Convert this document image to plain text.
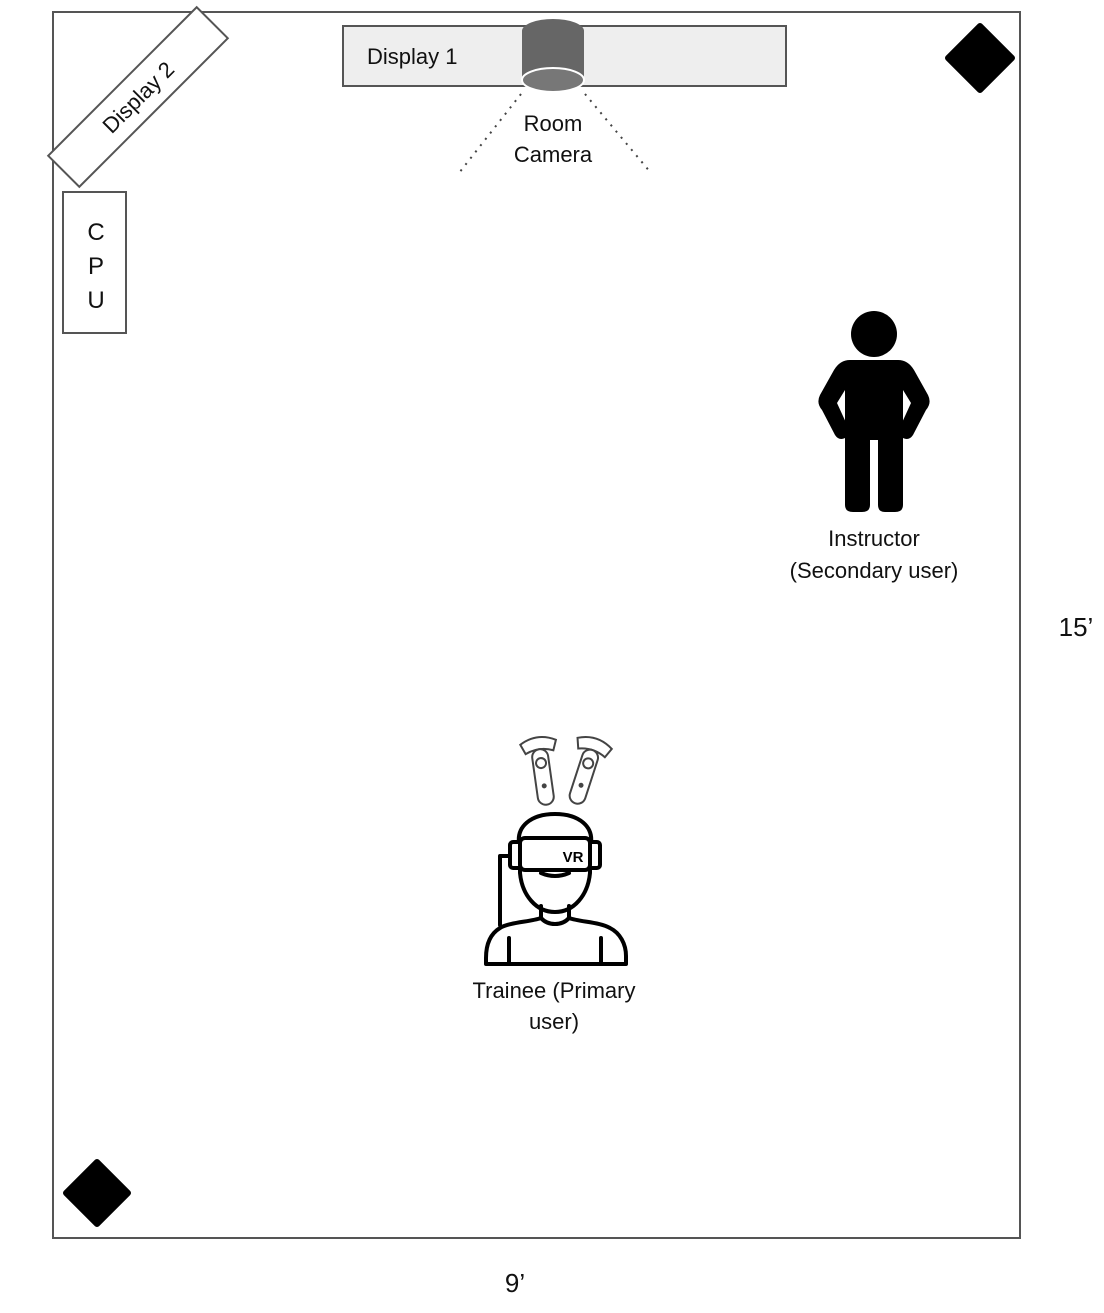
Display 1
Room
Camera
Display 2
C
P
U
Instructor
(Secondary user)
VR
Trainee (Primary
user)
15’
9’
